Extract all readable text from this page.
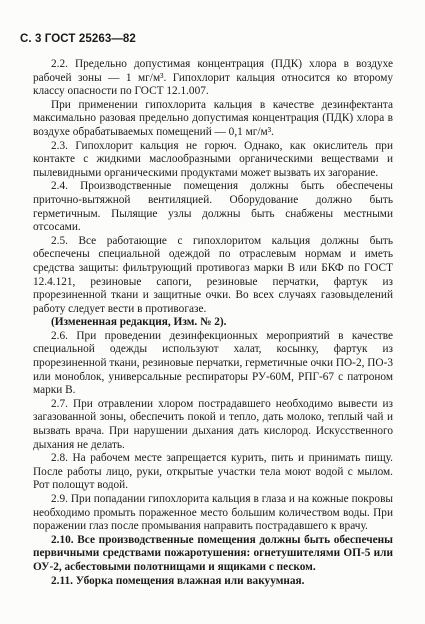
С. 3 ГОСТ 25263—82

2.2. Предельно допустимая концентрация (ПДК) хлора в воздухе рабочей зоны — 1 мг/м³. Гипохлорит кальция относится ко второму классу опасности по ГОСТ 12.1.007.

При применении гипохлорита кальция в качестве дезинфектанта максимально разовая предельно допустимая концентрация (ПДК) хлора в воздухе обрабатываемых помещений — 0,1 мг/м³.

2.3. Гипохлорит кальция не горюч. Однако, как окислитель при контакте с жидкими маслообразными органическими веществами и пылевидными органическими продуктами может вызвать их загорание.

2.4. Производственные помещения должны быть обеспечены приточно-вытяжной вентиляцией. Оборудование должно быть герметичным. Пылящие узлы должны быть снабжены местными отсосами.

2.5. Все работающие с гипохлоритом кальция должны быть обеспечены специальной одеждой по отраслевым нормам и иметь средства защиты: фильтрующий противогаз марки В или БКФ по ГОСТ 12.4.121, резиновые сапоги, резиновые перчатки, фартук из прорезиненной ткани и защитные очки. Во всех случаях газовыделений работу следует вести в противогазе.

(Измененная редакция, Изм. № 2).

2.6. При проведении дезинфекционных мероприятий в качестве специальной одежды используют халат, косынку, фартук из прорезиненной ткани, резиновые перчатки, герметичные очки ПО-2, ПО-3 или моноблок, универсальные респираторы РУ-60М, РПГ-67 с патроном марки В.

2.7. При отравлении хлором пострадавшего необходимо вывести из загазованной зоны, обеспечить покой и тепло, дать молоко, теплый чай и вызвать врача. При нарушении дыхания дать кислород. Искусственного дыхания не делать.

2.8. На рабочем месте запрещается курить, пить и принимать пищу. После работы лицо, руки, открытые участки тела моют водой с мылом. Рот полощут водой.

2.9. При попадании гипохлорита кальция в глаза и на кожные покровы необходимо промыть пораженное место большим количеством воды. При поражении глаз после промывания направить пострадавшего к врачу.

2.10. Все производственные помещения должны быть обеспечены первичными средствами пожаротушения: огнетушителями ОП-5 или ОУ-2, асбестовыми полотнищами и ящиками с песком.

2.11. Уборка помещения влажная или вакуумная.
